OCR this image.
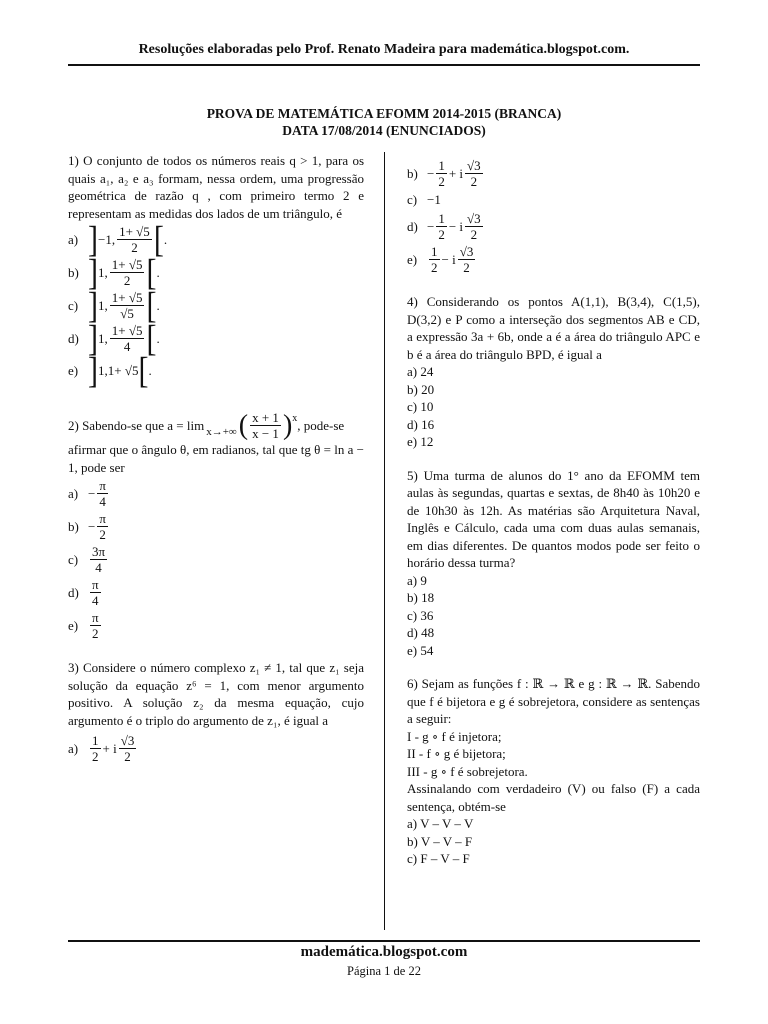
Resoluções elaboradas pelo Prof. Renato Madeira para mademática.blogspot.com.
PROVA DE MATEMÁTICA EFOMM 2014-2015 (BRANCA)
DATA 17/08/2014 (ENUNCIADOS)

1) O conjunto de todos os números reais q > 1, para os quais a₁, a₂ e a₃ formam, nessa ordem, uma progressão geométrica de razão q , com primeiro termo 2 e representam as medidas dos lados de um triângulo, é

a) ] −1, $\frac{1+ √5}{2}$ [ .
b) ] 1, $\frac{1+ √5}{2}$ [ .
c) ] 1, $\frac{1+ √5}{√5}$ [ .
d) ] 1, $\frac{1+ √5}{4}$ [ .
e) ] 1,1+ √5 [ .
2) Sabendo-se que a = lim
x→+∞ ( $\frac{x + 1}{x - 1} )^x$ , pode-se

afirmar que o ângulo θ, em radianos, tal que tg θ = ln a − 1, pode ser

$a) - \frac{\pi}{4}$
$b) - \frac{\pi}{2}$
$c) \frac{3\pi}{4}$
$d) \frac{\pi}{4}$
$e) \frac{\pi}{2}$

3) Considere o número complexo z₁ ≠ 1, tal que z₁ seja solução da equação z⁶ = 1, com menor argumento positivo. A solução z₂ da mesma equação, cujo argumento é o triplo do argumento de z₁, é igual a

$a) \frac{1}{2} + i \frac{√3}{2}$
$b) - \frac{1}{2} + i \frac{√3}{2}$
c) −1
$d) - \frac{1}{2} - i \frac{√3}{2}$
$e) \frac{1}{2} - i \frac{√3}{2}$

4) Considerando os pontos A(1,1), B(3,4), C(1,5), D(3,2) e P como a interseção dos segmentos AB e CD, a expressão 3a + 6b, onde a é a área do triângulo APC e b é a área do triângulo BPD, é igual a

a) 24
b) 20
c) 10
d) 16
e) 12

5) Uma turma de alunos do 1° ano da EFOMM tem aulas às segundas, quartas e sextas, de 8h40 às 10h20 e de 10h30 às 12h. As matérias são Arquitetura Naval, Inglês e Cálculo, cada uma com duas aulas semanais, em dias diferentes. De quantos modos pode ser feito o horário dessa turma?

a) 9
b) 18
c) 36
d) 48
e) 54

6) Sejam as funções f : ℝ → ℝ e g : ℝ → ℝ. Sabendo que f é bijetora e g é sobrejetora, considere as sentenças a seguir:

I - g ∘ f é injetora;
II - f ∘ g é bijetora;
III - g ∘ f é sobrejetora.

Assinalando com verdadeiro (V) ou falso (F) a cada sentença, obtém-se

a) V – V – V
b) V – V – F
c) F – V – F
mademática.blogspot.com
Página 1 de 22
